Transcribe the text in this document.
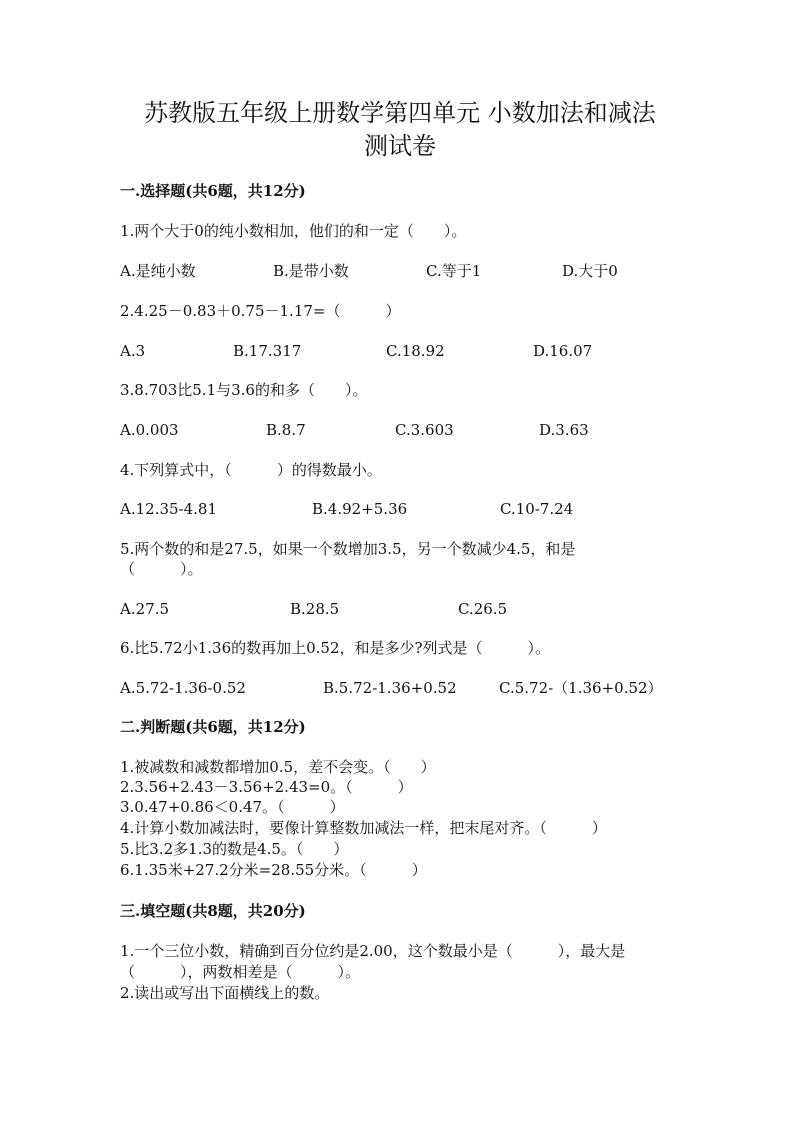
苏教版五年级上册数学第四单元 小数加法和减法
测试卷
一.选择题(共6题，共12分)
1.两个大于0的纯小数相加，他们的和一定（　　）。
A.是纯小数	B.是带小数	C.等于1	D.大于0
2.4.25－0.83＋0.75－1.17=（　　　）
A.3	B.17.317	C.18.92	D.16.07
3.8.703比5.1与3.6的和多（　　）。
A.0.003	B.8.7	C.3.603	D.3.63
4.下列算式中，（　　　）的得数最小。
A.12.35-4.81	B.4.92+5.36	C.10-7.24
5.两个数的和是27.5，如果一个数增加3.5，另一个数减少4.5，和是
（　　　）。
A.27.5	B.28.5	C.26.5
6.比5.72小1.36的数再加上0.52，和是多少?列式是（　　　）。
A.5.72-1.36-0.52	B.5.72-1.36+0.52	C.5.72-（1.36+0.52）
二.判断题(共6题，共12分)
1.被减数和减数都增加0.5，差不会变。（　　）
2.3.56+2.43－3.56+2.43=0。（　　　）
3.0.47+0.86＜0.47。（　　　）
4.计算小数加减法时，要像计算整数加减法一样，把末尾对齐。（　　　）
5.比3.2多1.3的数是4.5。（　　）
6.1.35米+27.2分米=28.55分米。（　　　）
三.填空题(共8题，共20分)
1.一个三位小数，精确到百分位约是2.00，这个数最小是（　　　），最大是
（　　　），两数相差是（　　　）。
2.读出或写出下面横线上的数。
